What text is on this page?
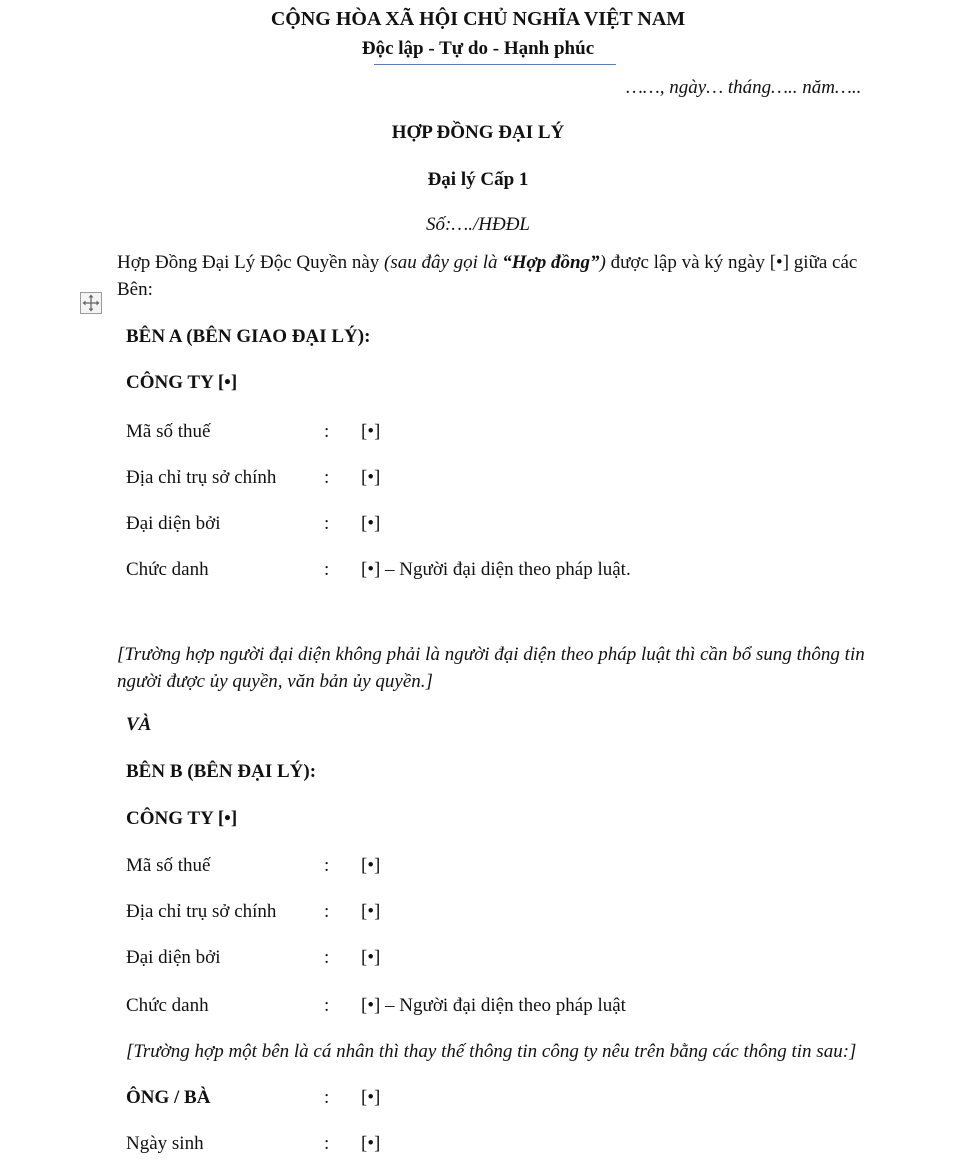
CỘNG HÒA XÃ HỘI CHỦ NGHĨA VIỆT NAM
Độc lập - Tự do - Hạnh phúc
……, ngày… tháng….. năm…..
HỢP ĐỒNG ĐẠI LÝ
Đại lý Cấp 1
Số:…./HĐĐL
Hợp Đồng Đại Lý Độc Quyền này (sau đây gọi là “Hợp đồng”) được lập và ký ngày [•] giữa các Bên:
BÊN A (BÊN GIAO ĐẠI LÝ):
CÔNG TY [•]
Mã số thuế	: [•]
Địa chỉ trụ sở chính	: [•]
Đại diện bởi	: [•]
Chức danh	: [•] – Người đại diện theo pháp luật.
[Trường hợp người đại diện không phải là người đại diện theo pháp luật thì cần bổ sung thông tin người được ủy quyền, văn bản ủy quyền.]
VÀ
BÊN B (BÊN ĐẠI LÝ):
CÔNG TY [•]
Mã số thuế	: [•]
Địa chỉ trụ sở chính	: [•]
Đại diện bởi	: [•]
Chức danh	: [•] – Người đại diện theo pháp luật
[Trường hợp một bên là cá nhân thì thay thế thông tin công ty nêu trên bằng các thông tin sau:]
ÔNG / BÀ	: [•]
Ngày sinh	: [•]
